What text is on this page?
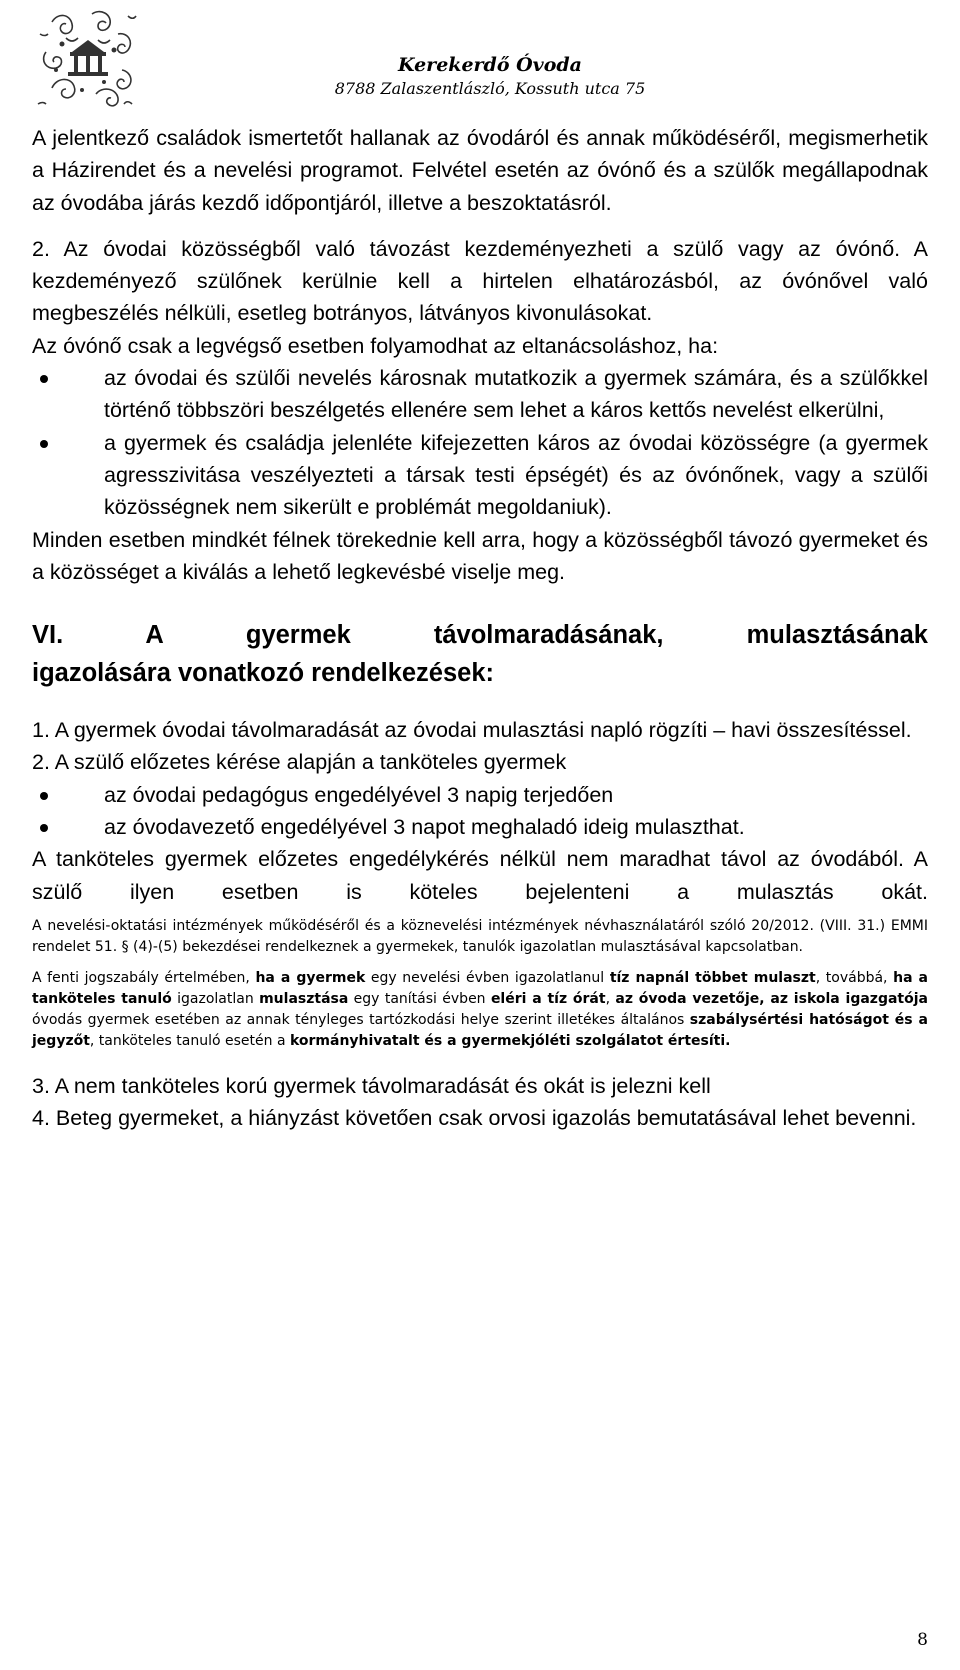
Kerekerdő Óvoda
8788 Zalaszentlászló, Kossuth utca 75

A jelentkező családok ismertetőt hallanak az óvodáról és annak működéséről, megismerhetik a Házirendet és a nevelési programot. Felvétel esetén az óvónő és a szülők megállapodnak az óvodába járás kezdő időpontjáról, illetve a beszoktatásról.

2. Az óvodai közösségből való távozást kezdeményezheti a szülő vagy az óvónő. A kezdeményező szülőnek kerülnie kell a hirtelen elhatározásból, az óvónővel való megbeszélés nélküli, esetleg botrányos, látványos kivonulásokat.

Az óvónő csak a legvégső esetben folyamodhat az eltanácsoláshoz, ha:

az óvodai és szülői nevelés károsnak mutatkozik a gyermek számára, és a szülőkkel történő többszöri beszélgetés ellenére sem lehet a káros kettős nevelést elkerülni,
a gyermek és családja jelenléte kifejezetten káros az óvodai közösségre (a gyermek agresszivitása veszélyezteti a társak testi épségét) és az óvónőnek, vagy a szülői közösségnek nem sikerült e problémát megoldaniuk).

Minden esetben mindkét félnek törekednie kell arra, hogy a közösségből távozó gyermeket és a közösséget a kiválás a lehető legkevésbé viselje meg.

VI. A gyermek távolmaradásának, mulasztásának
igazolására vonatkozó rendelkezések:

1. A gyermek óvodai távolmaradását az óvodai mulasztási napló rögzíti – havi összesítéssel.

2. A szülő előzetes kérése alapján a tanköteles gyermek

az óvodai pedagógus engedélyével 3 napig terjedően
az óvodavezető engedélyével 3 napot meghaladó ideig mulaszthat.

A tanköteles gyermek előzetes engedélykérés nélkül nem maradhat távol az óvodából. A szülő ilyen esetben is köteles bejelenteni a mulasztás okát.

A nevelési-oktatási intézmények működéséről és a köznevelési intézmények névhasználatáról szóló 20/2012. (VIII. 31.) EMMI rendelet 51. § (4)-(5) bekezdései rendelkeznek a gyermekek, tanulók igazolatlan mulasztásával kapcsolatban.

A fenti jogszabály értelmében, ha a gyermek egy nevelési évben igazolatlanul tíz napnál többet mulaszt, továbbá, ha a tanköteles tanuló igazolatlan mulasztása egy tanítási évben eléri a tíz órát, az óvoda vezetője, az iskola igazgatója óvodás gyermek esetében az annak tényleges tartózkodási helye szerint illetékes általános szabálysértési hatóságot és a jegyzőt, tanköteles tanuló esetén a kormányhivatalt és a gyermekjóléti szolgálatot értesíti.

3. A nem tanköteles korú gyermek távolmaradását és okát is jelezni kell

4. Beteg gyermeket, a hiányzást követően csak orvosi igazolás bemutatásával lehet bevenni.

8
